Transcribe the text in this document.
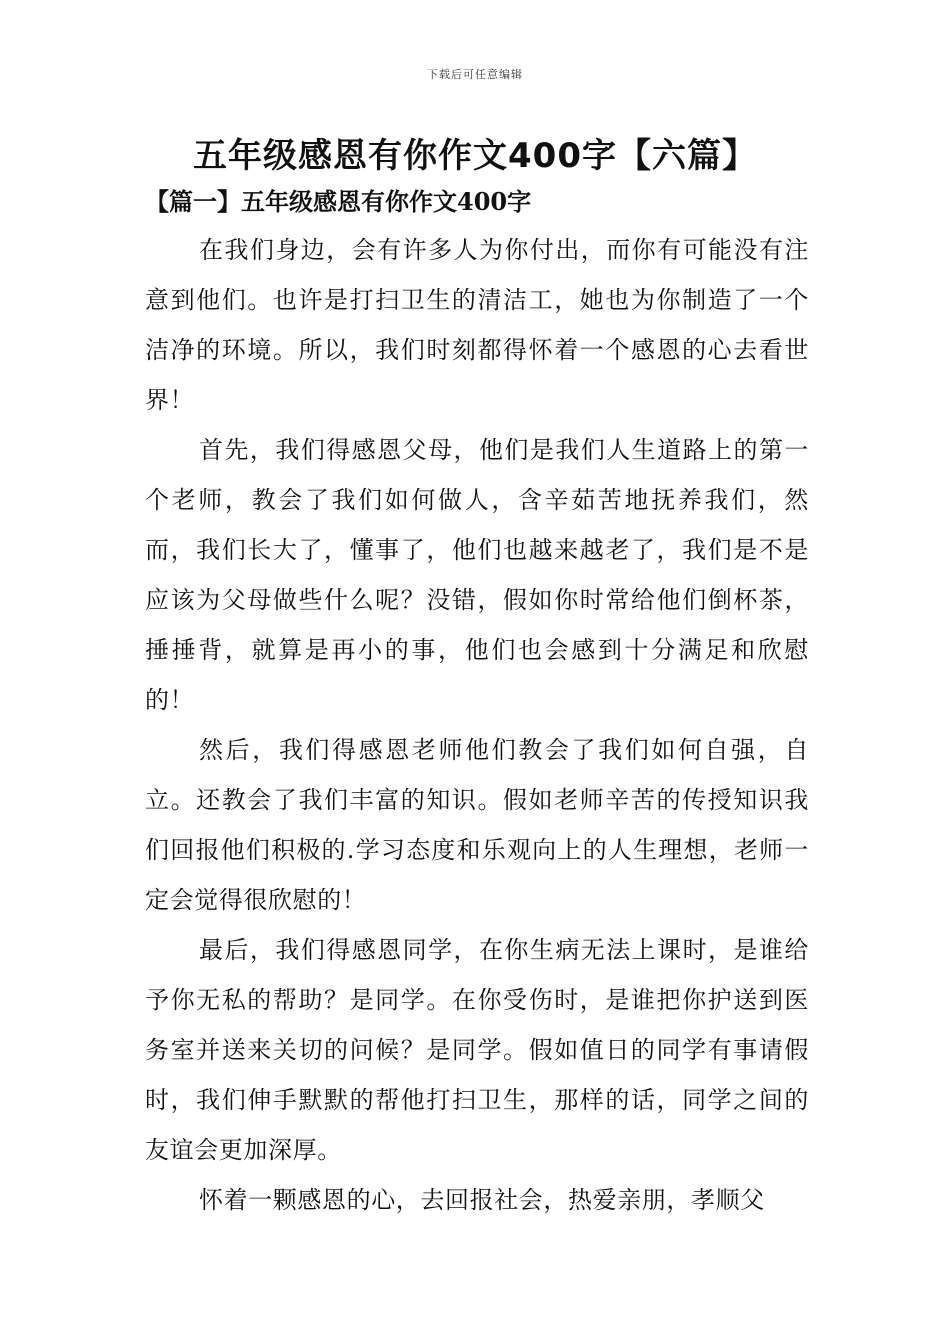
下载后可任意编辑
五年级感恩有你作文400字【六篇】
【篇一】五年级感恩有你作文400字

在我们身边，会有许多人为你付出，而你有可能没有注意到他们。也许是打扫卫生的清洁工，她也为你制造了一个洁净的环境。所以，我们时刻都得怀着一个感恩的心去看世界！

首先，我们得感恩父母，他们是我们人生道路上的第一个老师，教会了我们如何做人，含辛茹苦地抚养我们，然而，我们长大了，懂事了，他们也越来越老了，我们是不是应该为父母做些什么呢？没错，假如你时常给他们倒杯茶，捶捶背，就算是再小的事，他们也会感到十分满足和欣慰的！

然后，我们得感恩老师他们教会了我们如何自强，自立。还教会了我们丰富的知识。假如老师辛苦的传授知识我们回报他们积极的.学习态度和乐观向上的人生理想，老师一定会觉得很欣慰的！

最后，我们得感恩同学，在你生病无法上课时，是谁给予你无私的帮助？是同学。在你受伤时，是谁把你护送到医务室并送来关切的问候？是同学。假如值日的同学有事请假时，我们伸手默默的帮他打扫卫生，那样的话，同学之间的友谊会更加深厚。

怀着一颗感恩的心，去回报社会，热爱亲朋，孝顺父
